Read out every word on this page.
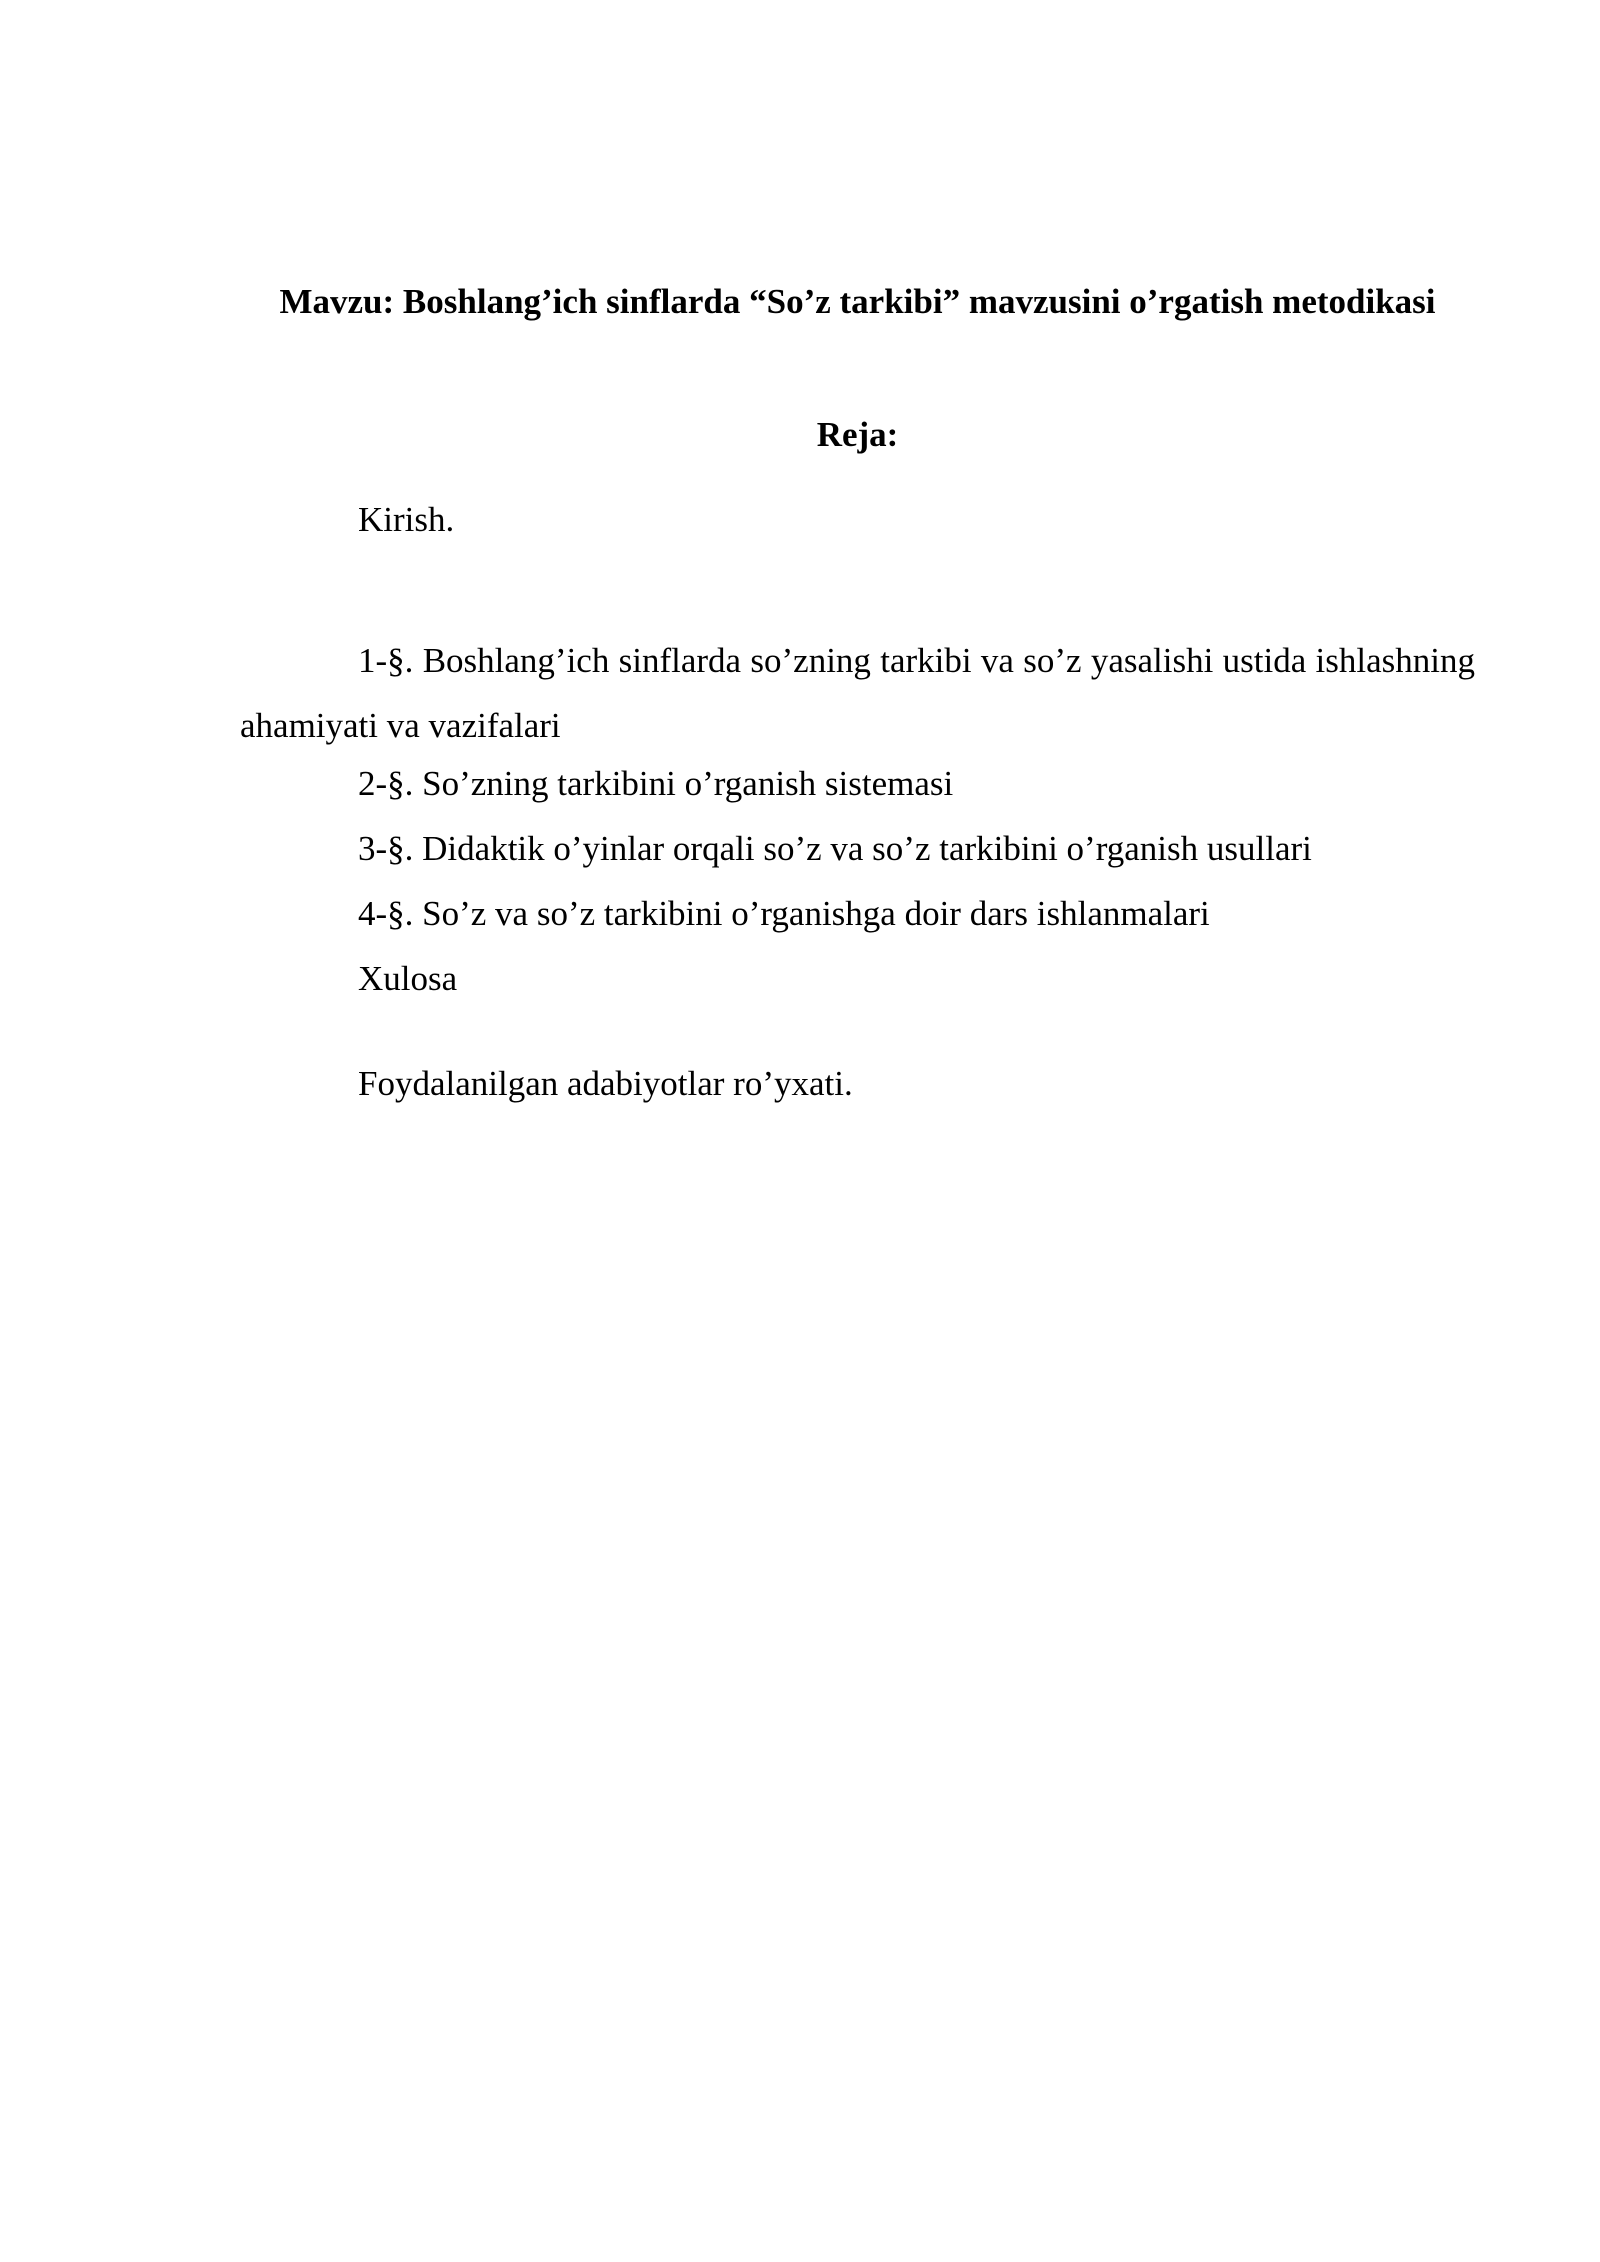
Mavzu: Boshlang’ich sinflarda “So’z tarkibi” mavzusini o’rgatish metodikasi
Reja:
Kirish.
1-§. Boshlang’ich sinflarda so’zning tarkibi va so’z yasalishi ustida ishlashning ahamiyati va vazifalari
2-§. So’zning tarkibini o’rganish sistemasi
3-§. Didaktik o’yinlar orqali so’z va so’z tarkibini o’rganish usullari
4-§. So’z va so’z tarkibini o’rganishga doir dars ishlanmalari
Xulosa
Foydalanilgan adabiyotlar ro’yxati.
